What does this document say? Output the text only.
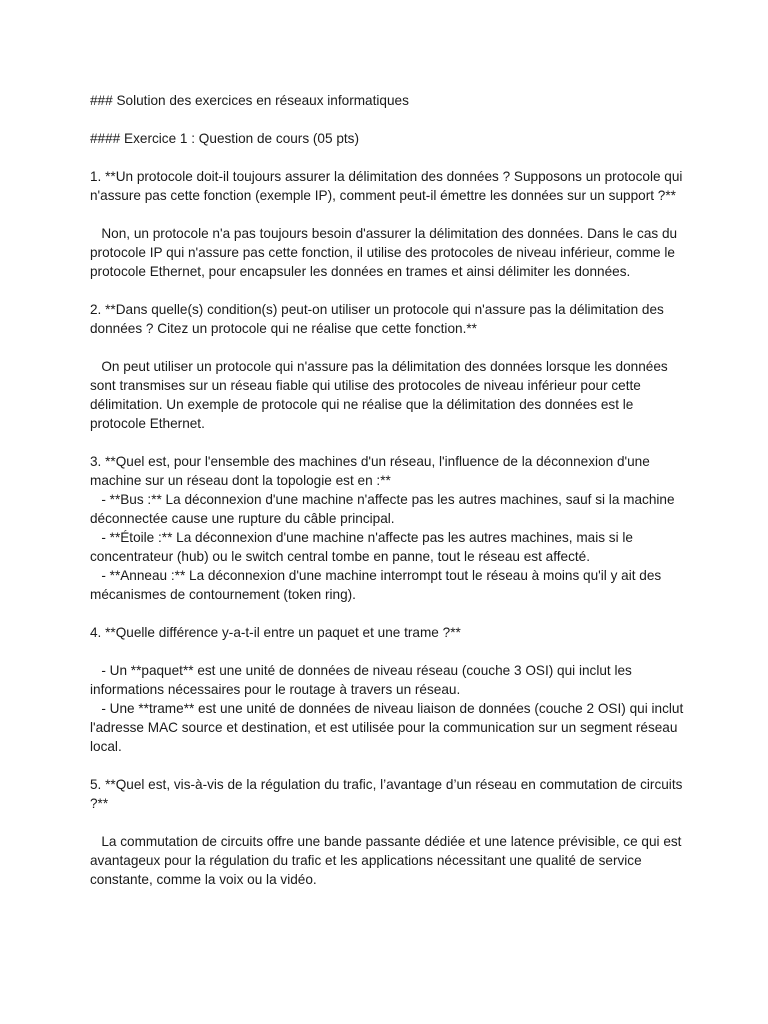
### Solution des exercices en réseaux informatiques

#### Exercice 1 : Question de cours (05 pts)

1. **Un protocole doit-il toujours assurer la délimitation des données ? Supposons un protocole qui n'assure pas cette fonction (exemple IP), comment peut-il émettre les données sur un support ?**

Non, un protocole n'a pas toujours besoin d'assurer la délimitation des données. Dans le cas du protocole IP qui n'assure pas cette fonction, il utilise des protocoles de niveau inférieur, comme le protocole Ethernet, pour encapsuler les données en trames et ainsi délimiter les données.

2. **Dans quelle(s) condition(s) peut-on utiliser un protocole qui n'assure pas la délimitation des données ? Citez un protocole qui ne réalise que cette fonction.**

On peut utiliser un protocole qui n'assure pas la délimitation des données lorsque les données sont transmises sur un réseau fiable qui utilise des protocoles de niveau inférieur pour cette délimitation. Un exemple de protocole qui ne réalise que la délimitation des données est le protocole Ethernet.

3. **Quel est, pour l'ensemble des machines d'un réseau, l'influence de la déconnexion d'une machine sur un réseau dont la topologie est en :**

- **Bus :** La déconnexion d'une machine n'affecte pas les autres machines, sauf si la machine déconnectée cause une rupture du câble principal.

- **Étoile :** La déconnexion d'une machine n'affecte pas les autres machines, mais si le concentrateur (hub) ou le switch central tombe en panne, tout le réseau est affecté.

- **Anneau :** La déconnexion d'une machine interrompt tout le réseau à moins qu'il y ait des mécanismes de contournement (token ring).

4. **Quelle différence y-a-t-il entre un paquet et une trame ?**

- Un **paquet** est une unité de données de niveau réseau (couche 3 OSI) qui inclut les informations nécessaires pour le routage à travers un réseau.

- Une **trame** est une unité de données de niveau liaison de données (couche 2 OSI) qui inclut l'adresse MAC source et destination, et est utilisée pour la communication sur un segment réseau local.

5. **Quel est, vis-à-vis de la régulation du trafic, l’avantage d’un réseau en commutation de circuits ?**

La commutation de circuits offre une bande passante dédiée et une latence prévisible, ce qui est avantageux pour la régulation du trafic et les applications nécessitant une qualité de service constante, comme la voix ou la vidéo.
